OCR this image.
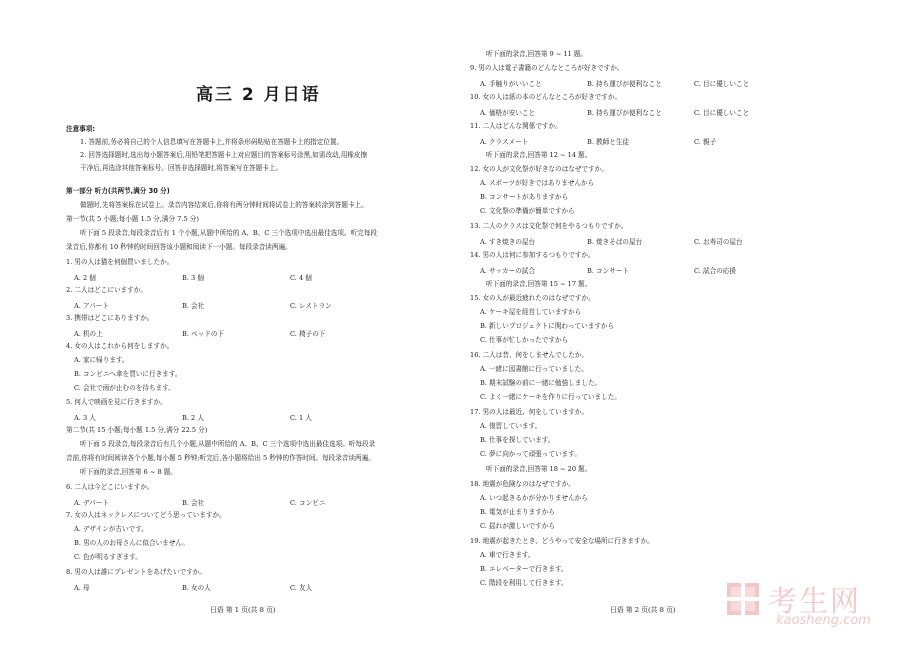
高三 2 月日语
注意事项:
1. 答题前,务必将自己的个人信息填写在答题卡上,并将条形码粘贴在答题卡上的指定位置。
2. 回答选择题时,选出每小题答案后,用铅笔把答题卡上对应题目的答案标号涂黑,如需改动,用橡皮擦
干净后,再选涂其他答案标号。回答非选择题时,将答案写在答题卡上。
第一部分 听力(共两节,满分 30 分)
做题时,先将答案标在试卷上。录音内容结束后,你将有两分钟时间将试卷上的答案转涂到答题卡上。
第一节(共 5 小题;每小题 1.5 分,满分 7.5 分)
听下面 5 段录音,每段录音后有 1 个小题,从题中所给的 A、B、C 三个选项中选出最佳选项。听完每段
录音后,你都有 10 秒钟的时间回答该小题和阅读下一小题。每段录音读两遍。
1. 男の人は猫を何個買いましたか。
A. 2 個	B. 3 個	C. 4 個
2. 二人はどこにいますか。
A. アパート	B. 会社	C. レストラン
3. 携帯はどこにありますか。
A. 机の上	B. ベッドの下	C. 椅子の下
4. 女の人はこれから何をしますか。
A. 家に帰ります。
B. コンビニへ傘を買いに行きます。
C. 会社で雨が止むのを待ちます。
5. 何人で映画を見に行きますか。
A. 3 人	B. 2 人	C. 1 人
第二节(共 15 小题;每小题 1.5 分,满分 22.5 分)
听下面 5 段录音,每段录音后有几个小题,从题中所给的 A、B、C 三个选项中选出最佳选项。听每段录
音前,你将有时间阅读各个小题,每小题 5 秒钟;听完后,各小题将给出 5 秒钟的作答时间。每段录音读两遍。
听下面的录音,回答第 6 ~ 8 题。
6. 二人は今どこにいますか。
A. デパート	B. 会社	C. コンビニ
7. 女の人はネックレスについてどう思っていますか。
A. デザインが古いです。
B. 男の人のお母さんに似合いません。
C. 色が明るすぎます。
8. 男の人は誰にプレゼントをあげたいですか。
A. 母	B. 女の人	C. 友人
日语 第 1 页(共 8 页)
听下面的录音,回答第 9 ~ 11 题。
9. 男の人は電子書籍のどんなところが好きですか。
A. 手触りがいいこと	B. 持ち運びが便利なこと	C. 目に優しいこと
10. 女の人は紙の本のどんなところが好きですか。
A. 価格が安いこと	B. 持ち運びが便利なこと	C. 目に優しいこと
11. 二人はどんな関係ですか。
A. クラスメート	B. 教師と生徒	C. 親子
听下面的录音,回答第 12 ~ 14 题。
12. 女の人が文化祭が好きなのはなぜですか。
A. スポーツが好きではありませんから
B. コンサートがありますから
C. 文化祭の準備が簡単ですから
13. 二人のクラスは文化祭で何をやるつもりですか。
A. すき焼きの屋台	B. 焼きそばの屋台	C. お寿司の屋台
14. 男の人は何に参加するつもりですか。
A. サッカーの試合	B. コンサート	C. 試合の応援
听下面的录音,回答第 15 ~ 17 题。
15. 女の人が最近疲れたのはなぜですか。
A. ケーキ屋を経営していますから
B. 新しいプロジェクトに関わっていますから
C. 仕事が忙しかったですから
16. 二人は昔、何をしませんでしたか。
A. 一緒に図書館に行っていました。
B. 期末試験の前に一緒に勉強しました。
C. よく一緒にケーキを作りに行っていました。
17. 男の人は最近、何をしていますか。
A. 復習しています。
B. 仕事を探しています。
C. 夢に向かって頑張っています。
听下面的录音,回答第 18 ~ 20 题。
18. 地震が危険なのはなぜですか。
A. いつ起きるかが分かりませんから
B. 電気が止まりますから
C. 揺れが激しいですから
19. 地震が起きたとき、どうやって安全な場所に行きますか。
A. 車で行きます。
B. エレベーターで行きます。
C. 階段を利用して行きます。
日语 第 2 页(共 8 页)	考生网
kaosheng.com
